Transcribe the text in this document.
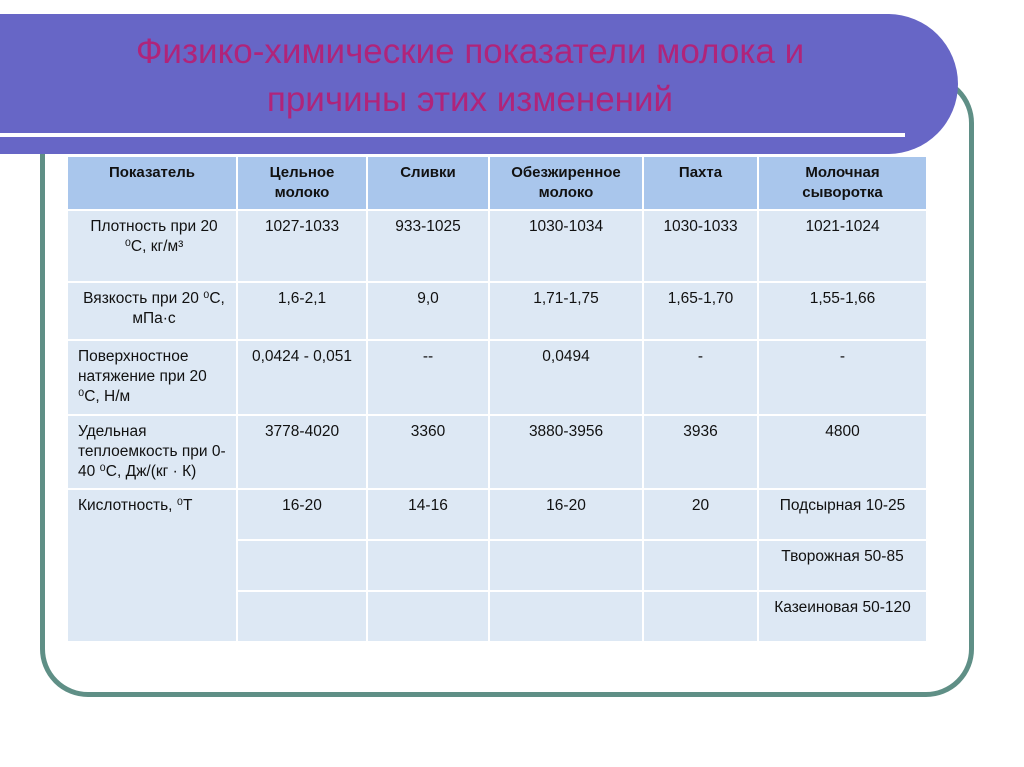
Физико-химические показатели молока и
причины этих изменений
Показатель	Цельное молоко	Сливки	Обезжиренное молоко	Пахта	Молочная сыворотка
Плотность при 20 ⁰С, кг/м³	1027-1033	933-1025	1030-1034	1030-1033	1021-1024
Вязкость при 20 ⁰С, мПа·с	1,6-2,1	9,0	1,71-1,75	1,65-1,70	1,55-1,66
Поверхностное натяжение при 20 ⁰С, Н/м	0,0424 - 0,051	--	0,0494	-	-
Удельная теплоемкость при 0-40 ⁰С, Дж/(кг · К)	3778-4020	3360	3880-3956	3936	4800
Кислотность, ⁰Т	16-20	14-16	16-20	20	Подсырная 10-25
					Творожная 50-85
					Казеиновая 50-120
